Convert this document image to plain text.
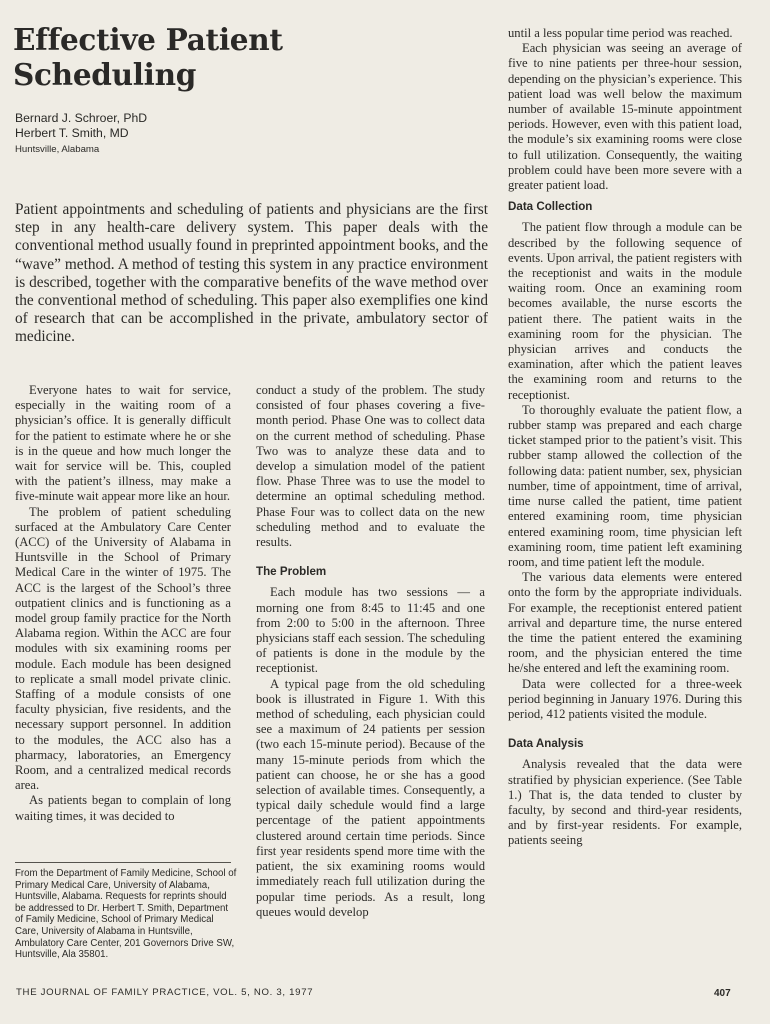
Effective Patient Scheduling
Bernard J. Schroer, PhD
Herbert T. Smith, MD
Huntsville, Alabama
Patient appointments and scheduling of patients and physicians are the first step in any health-care delivery system. This paper deals with the conventional method usually found in preprinted appointment books, and the “wave” method. A method of testing this system in any practice environment is described, together with the comparative benefits of the wave method over the conventional method of scheduling. This paper also exemplifies one kind of research that can be accomplished in the private, ambulatory sector of medicine.

Everyone hates to wait for service, especially in the waiting room of a physician’s office. It is generally difficult for the patient to estimate where he or she is in the queue and how much longer the wait for service will be. This, coupled with the patient’s illness, may make a five-minute wait appear more like an hour.

The problem of patient scheduling surfaced at the Ambulatory Care Center (ACC) of the University of Alabama in Huntsville in the School of Primary Medical Care in the winter of 1975. The ACC is the largest of the School’s three outpatient clinics and is functioning as a model group family practice for the North Alabama region. Within the ACC are four modules with six examining rooms per module. Each module has been designed to replicate a small model private clinic. Staffing of a module consists of one faculty physician, five residents, and the necessary support personnel. In addition to the modules, the ACC also has a pharmacy, laboratories, an Emergency Room, and a centralized medical records area.

As patients began to complain of long waiting times, it was decided to

From the Department of Family Medicine, School of Primary Medical Care, University of Alabama, Huntsville, Alabama. Requests for reprints should be addressed to Dr. Herbert T. Smith, Department of Family Medicine, School of Primary Medical Care, University of Alabama in Huntsville, Ambulatory Care Center, 201 Governors Drive SW, Huntsville, Ala 35801.

conduct a study of the problem. The study consisted of four phases covering a five-month period. Phase One was to collect data on the current method of scheduling. Phase Two was to analyze these data and to develop a simulation model of the patient flow. Phase Three was to use the model to determine an optimal scheduling method. Phase Four was to collect data on the new scheduling method and to evaluate the results.

The Problem

Each module has two sessions — a morning one from 8:45 to 11:45 and one from 2:00 to 5:00 in the afternoon. Three physicians staff each session. The scheduling of patients is done in the module by the receptionist.

A typical page from the old scheduling book is illustrated in Figure 1. With this method of scheduling, each physician could see a maximum of 24 patients per session (two each 15-minute period). Because of the many 15-minute periods from which the patient can choose, he or she has a good selection of available times. Consequently, a typical daily schedule would find a large percentage of the patient appointments clustered around certain time periods. Since first year residents spend more time with the patient, the six examining rooms would immediately reach full utilization during the popular time periods. As a result, long queues would develop

until a less popular time period was reached.

Each physician was seeing an average of five to nine patients per three-hour session, depending on the physician’s experience. This patient load was well below the maximum number of available 15-minute appointment periods. However, even with this patient load, the module’s six examining rooms were close to full utilization. Consequently, the waiting problem could have been more severe with a greater patient load.

Data Collection

The patient flow through a module can be described by the following sequence of events. Upon arrival, the patient registers with the receptionist and waits in the module waiting room. Once an examining room becomes available, the nurse escorts the patient there. The patient waits in the examining room for the physician. The physician arrives and conducts the examination, after which the patient leaves the examining room and returns to the receptionist.

To thoroughly evaluate the patient flow, a rubber stamp was prepared and each charge ticket stamped prior to the patient’s visit. This rubber stamp allowed the collection of the following data: patient number, sex, physician number, time of appointment, time of arrival, time nurse called the patient, time patient entered examining room, time physician entered examining room, time physician left examining room, time patient left examining room, and time patient left the module.

The various data elements were entered onto the form by the appropriate individuals. For example, the receptionist entered patient arrival and departure time, the nurse entered the time the patient entered the examining room, and the physician entered the time he/she entered and left the examining room.

Data were collected for a three-week period beginning in January 1976. During this period, 412 patients visited the module.

Data Analysis

Analysis revealed that the data were stratified by physician experience. (See Table 1.) That is, the data tended to cluster by faculty, by second and third-year residents, and by first-year residents. For example, patients seeing

THE JOURNAL OF FAMILY PRACTICE, VOL. 5, NO. 3, 1977	407
